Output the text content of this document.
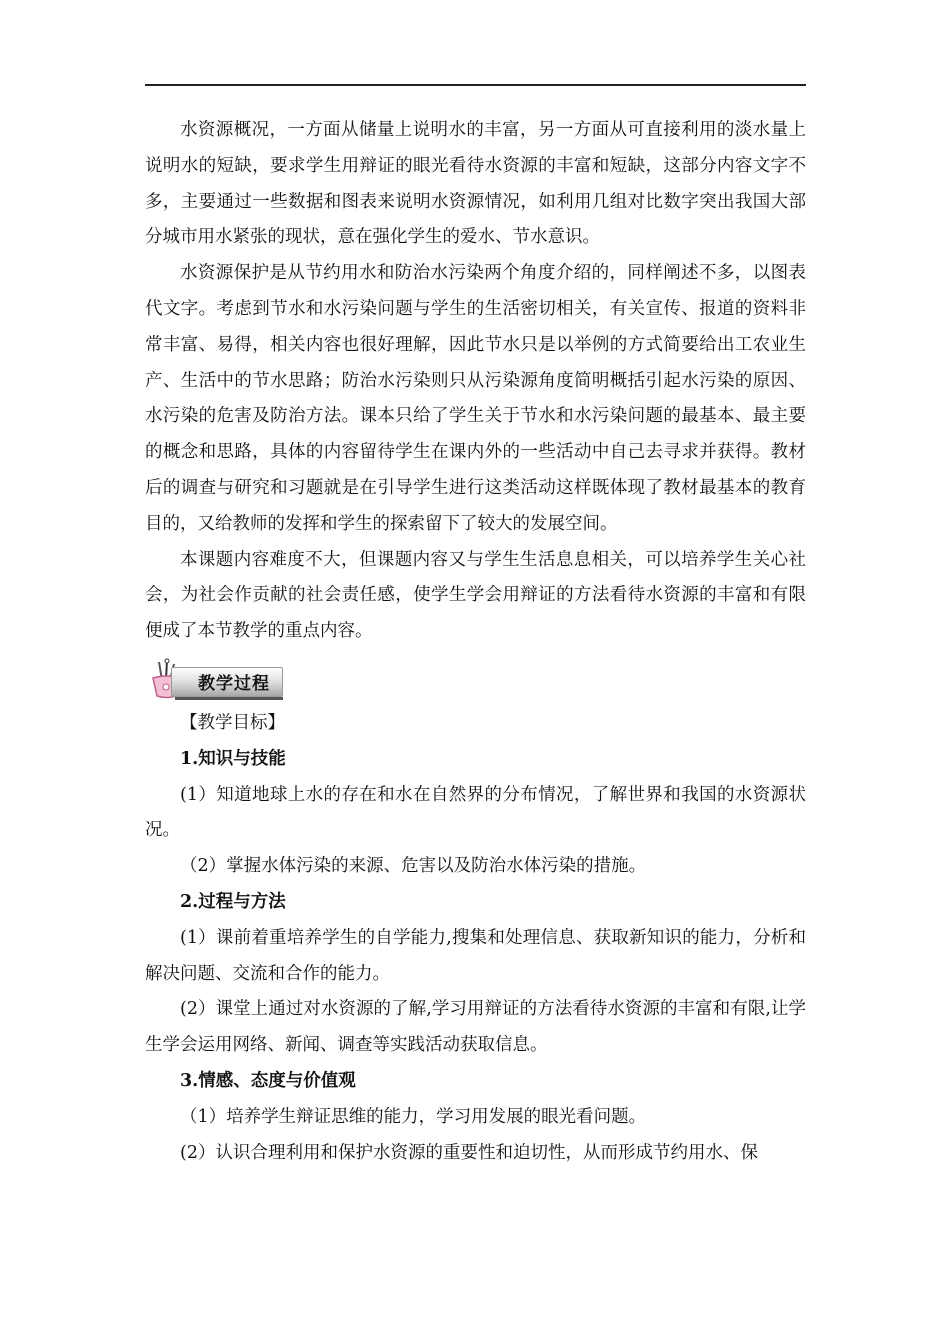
水资源概况，一方面从储量上说明水的丰富，另一方面从可直接利用的淡水量上说明水的短缺，要求学生用辩证的眼光看待水资源的丰富和短缺，这部分内容文字不多，主要通过一些数据和图表来说明水资源情况，如利用几组对比数字突出我国大部分城市用水紧张的现状，意在强化学生的爱水、节水意识。

水资源保护是从节约用水和防治水污染两个角度介绍的，同样阐述不多，以图表代文字。考虑到节水和水污染问题与学生的生活密切相关，有关宣传、报道的资料非常丰富、易得，相关内容也很好理解，因此节水只是以举例的方式简要给出工农业生产、生活中的节水思路；防治水污染则只从污染源角度简明概括引起水污染的原因、水污染的危害及防治方法。课本只给了学生关于节水和水污染问题的最基本、最主要的概念和思路，具体的内容留待学生在课内外的一些活动中自己去寻求并获得。教材后的调查与研究和习题就是在引导学生进行这类活动这样既体现了教材最基本的教育目的，又给教师的发挥和学生的探索留下了较大的发展空间。

本课题内容难度不大，但课题内容又与学生生活息息相关，可以培养学生关心社会，为社会作贡献的社会责任感，使学生学会用辩证的方法看待水资源的丰富和有限便成了本节教学的重点内容。

教学过程

【教学目标】

1.知识与技能

(1）知道地球上水的存在和水在自然界的分布情况，了解世界和我国的水资源状况。

（2）掌握水体污染的来源、危害以及防治水体污染的措施。

2.过程与方法

(1）课前着重培养学生的自学能力,搜集和处理信息、获取新知识的能力，分析和解决问题、交流和合作的能力。

(2）课堂上通过对水资源的了解,学习用辩证的方法看待水资源的丰富和有限,让学生学会运用网络、新闻、调查等实践活动获取信息。

3.情感、态度与价值观

（1）培养学生辩证思维的能力，学习用发展的眼光看问题。

(2）认识合理利用和保护水资源的重要性和迫切性，从而形成节约用水、保
